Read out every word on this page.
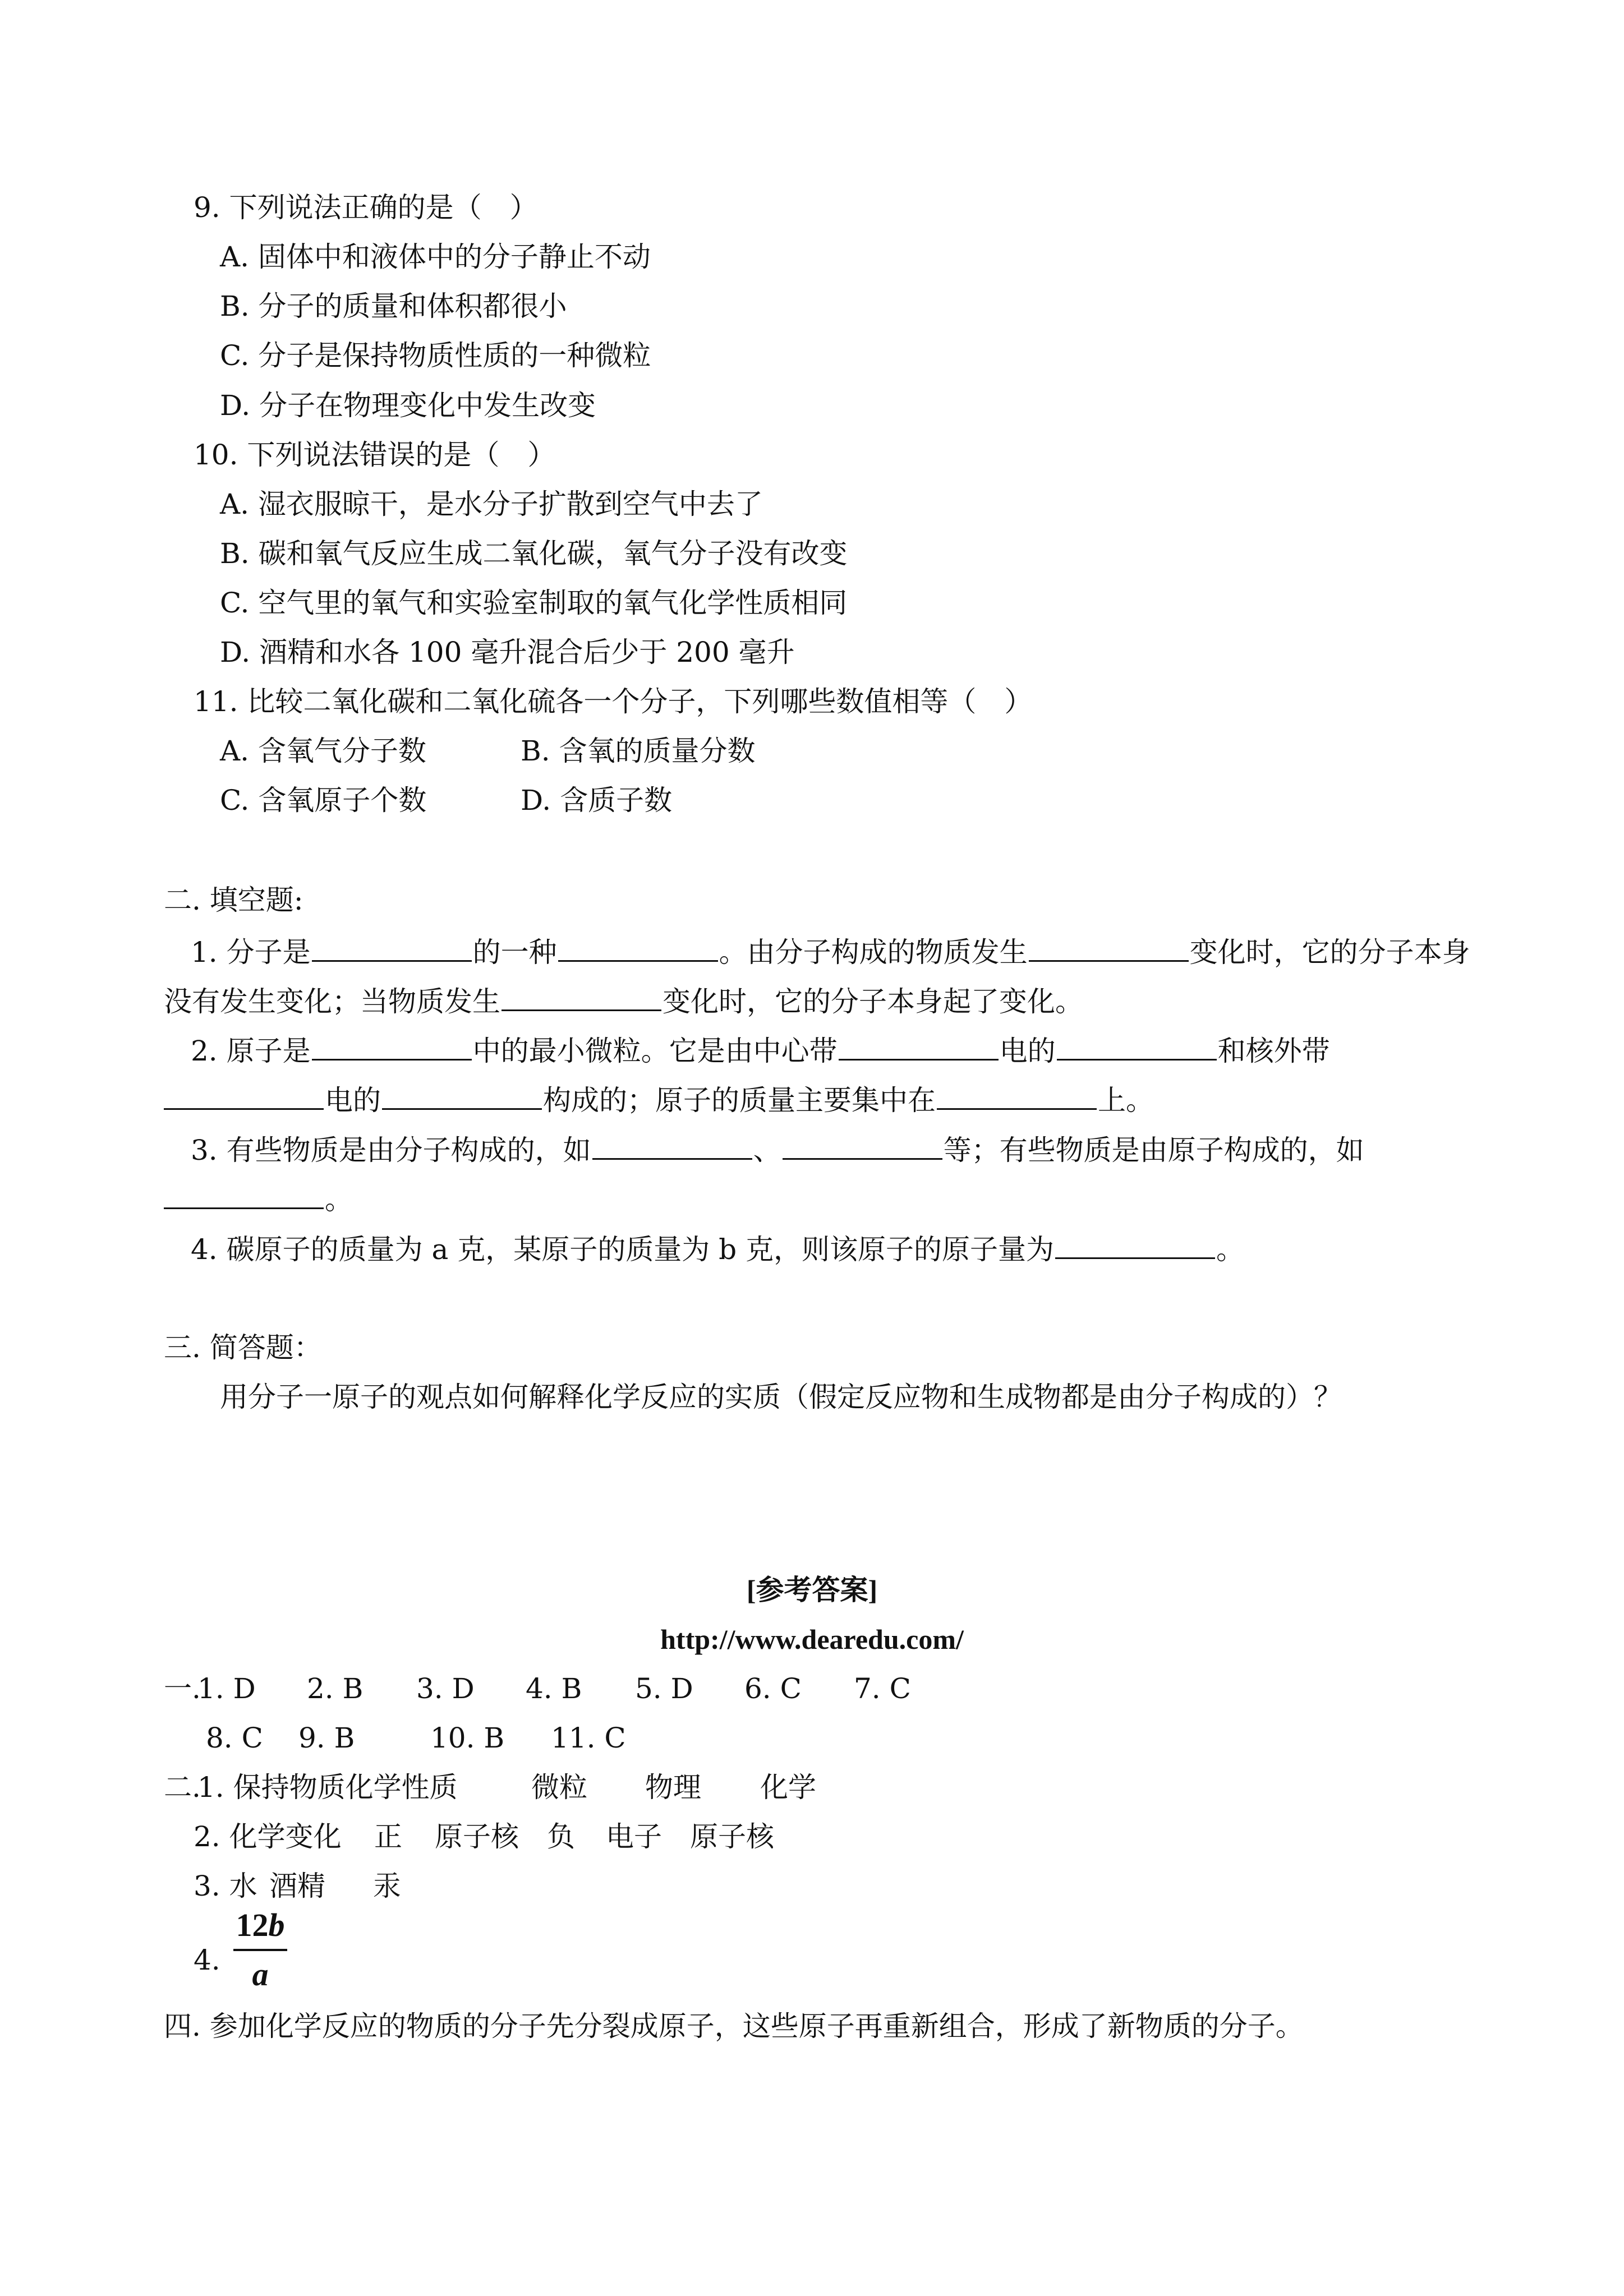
9. 下列说法正确的是（　）
A. 固体中和液体中的分子静止不动
B. 分子的质量和体积都很小
C. 分子是保持物质性质的一种微粒
D. 分子在物理变化中发生改变
10. 下列说法错误的是（　）
A. 湿衣服晾干，是水分子扩散到空气中去了
B. 碳和氧气反应生成二氧化碳，氧气分子没有改变
C. 空气里的氧气和实验室制取的氧气化学性质相同
D. 酒精和水各 100 毫升混合后少于 200 毫升
11. 比较二氧化碳和二氧化硫各一个分子，下列哪些数值相等（　）
A. 含氧气分子数	B. 含氧的质量分数
C. 含氧原子个数	D. 含质子数
二. 填空题:
1. 分子是	的一种	。由分子构成的物质发生	变化时，它的分子本身
没有发生变化；当物质发生	变化时，它的分子本身起了变化。
2. 原子是	中的最小微粒。它是由中心带	电的	和核外带
电的	构成的；原子的质量主要集中在	上。
3. 有些物质是由分子构成的，如	、	等；有些物质是由原子构成的，如
。
4. 碳原子的质量为 a 克，某原子的质量为 b 克，则该原子的原子量为	。
三. 简答题：
用分子一原子的观点如何解释化学反应的实质（假定反应物和生成物都是由分子构成的）？
[参考答案]
http://www.dearedu.com/
一.
1. D 2. B 3. D 4. B 5. D 6. C 7. C
8. C 9. B	10. B 11. C
二.
1. 保持物质化学性质	微粒 物理 化学
2. 化学变化 正 原子核 负 电子 原子核
3. 水 酒精 汞
4.
12b
a
四. 参加化学反应的物质的分子先分裂成原子，这些原子再重新组合，形成了新物质的分子。
